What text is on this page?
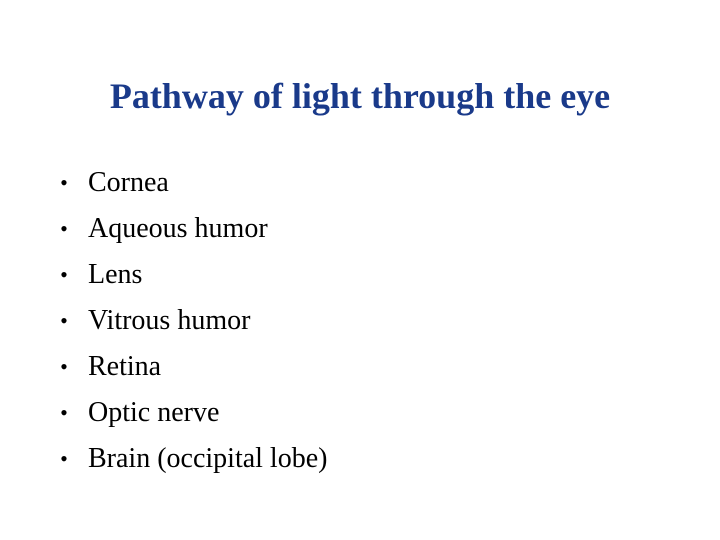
Pathway of light through the eye
• Cornea
• Aqueous humor
• Lens
• Vitrous humor
• Retina
• Optic nerve
• Brain (occipital lobe)
